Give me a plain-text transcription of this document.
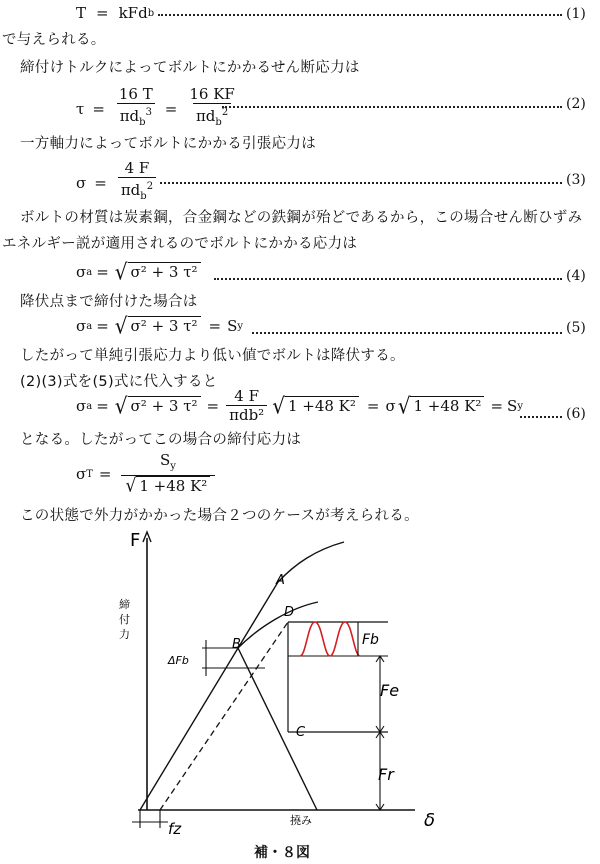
T = kFd b	(1)
で与えられる。
締付けトルクによってボルトにかかるせん断応力は
$\tau = \frac{16 T}{\pi d_b^3} = \frac{16 KF}{\pi d_b^2}$	(2)
一方軸力によってボルトにかかる引張応力は
$\sigma = \frac{4 F}{\pi d_b^2}$	(3)
ボルトの材質は炭素鋼，合金鋼などの鉄鋼が殆どであるから，この場合せん断ひずみ
エネルギー説が適用されるのでボルトにかかる応力は
σ a = √ σ² + 3 τ²	(4)
降伏点まで締付けた場合は
σ a = √ σ² + 3 τ² = S y	(5)
したがって単純引張応力より低い値でボルトは降伏する。
(2)(3)式を(5)式に代入すると
σ a = √ σ² + 3 $\tau^2 = \frac{4 F}{\text{πdb²}}$ √ 1 +48 K² = σ √ 1 +48 K² = S y	(6)
となる。したがってこの場合の締付応力は
σ $T = \frac{S_y}{\text{√ 1 +48 K²}}$
この状態で外力がかかった場合２つのケースが考えられる。
F
δ
締
付
力
撓み
ΔFb
Fb
Fe
Fr
fz
A
B
C
D
補・８図
